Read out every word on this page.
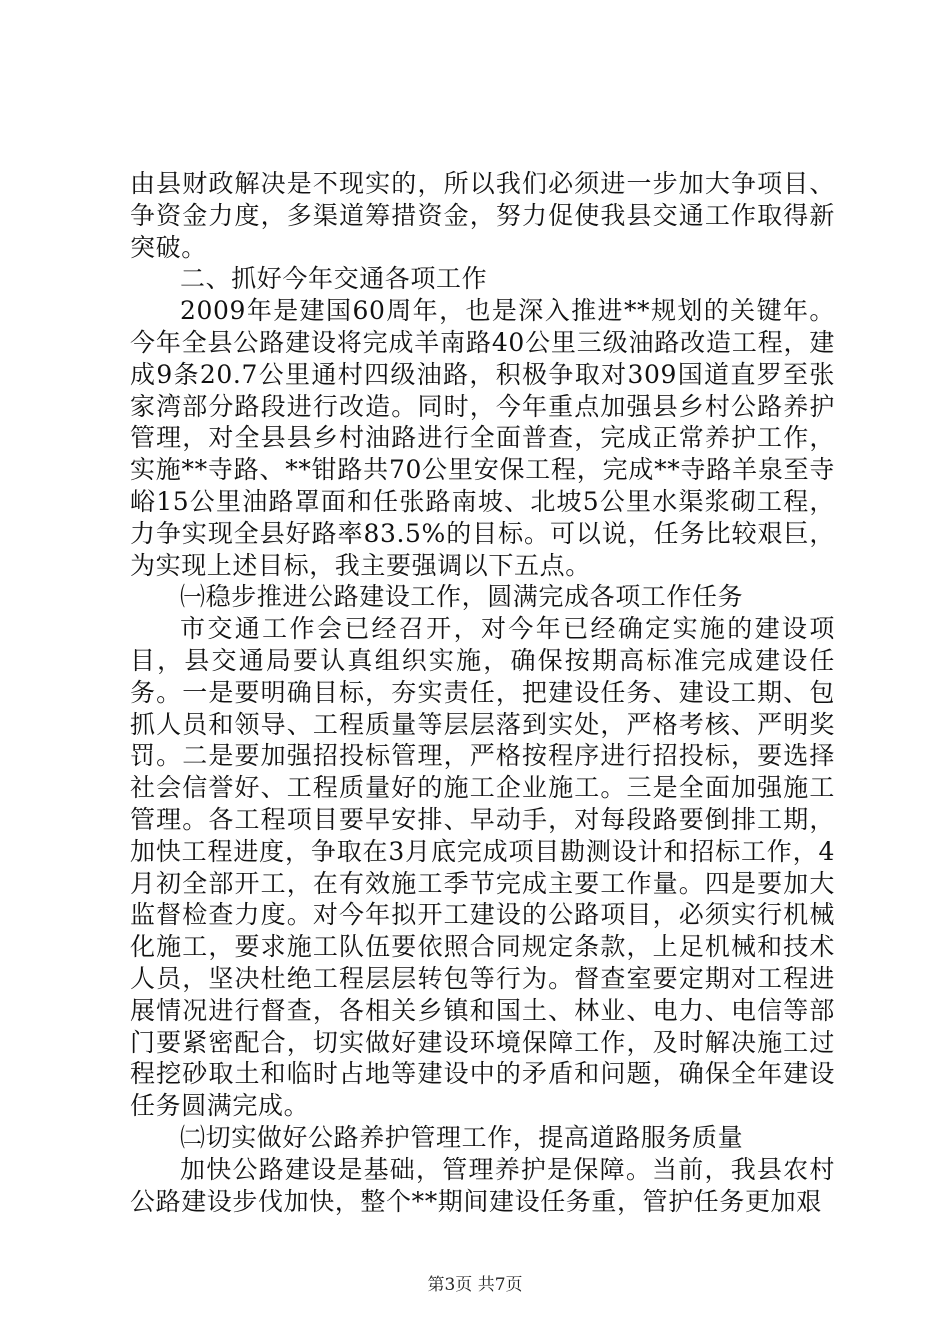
由县财政解决是不现实的，所以我们必须进一步加大争项目、争资金力度，多渠道筹措资金，努力促使我县交通工作取得新突破。

二、抓好今年交通各项工作

2009年是建国60周年，也是深入推进**规划的关键年。今年全县公路建设将完成羊南路40公里三级油路改造工程，建成9条20.7公里通村四级油路，积极争取对309国道直罗至张家湾部分路段进行改造。同时，今年重点加强县乡村公路养护管理，对全县县乡村油路进行全面普查，完成正常养护工作，实施**寺路、**钳路共70公里安保工程，完成**寺路羊泉至寺峪15公里油路罩面和任张路南坡、北坡5公里水渠浆砌工程，力争实现全县好路率83.5%的目标。可以说，任务比较艰巨，为实现上述目标，我主要强调以下五点。

㈠稳步推进公路建设工作，圆满完成各项工作任务

市交通工作会已经召开，对今年已经确定实施的建设项目，县交通局要认真组织实施，确保按期高标准完成建设任务。一是要明确目标，夯实责任，把建设任务、建设工期、包抓人员和领导、工程质量等层层落到实处，严格考核、严明奖罚。二是要加强招投标管理，严格按程序进行招投标，要选择社会信誉好、工程质量好的施工企业施工。三是全面加强施工管理。各工程项目要早安排、早动手，对每段路要倒排工期，加快工程进度，争取在3月底完成项目勘测设计和招标工作，4月初全部开工，在有效施工季节完成主要工作量。四是要加大监督检查力度。对今年拟开工建设的公路项目，必须实行机械化施工，要求施工队伍要依照合同规定条款，上足机械和技术人员，坚决杜绝工程层层转包等行为。督查室要定期对工程进展情况进行督查，各相关乡镇和国土、林业、电力、电信等部门要紧密配合，切实做好建设环境保障工作，及时解决施工过程挖砂取土和临时占地等建设中的矛盾和问题，确保全年建设任务圆满完成。

㈡切实做好公路养护管理工作，提高道路服务质量

加快公路建设是基础，管理养护是保障。当前，我县农村公路建设步伐加快，整个**期间建设任务重，管护任务更加艰

第3页 共7页
